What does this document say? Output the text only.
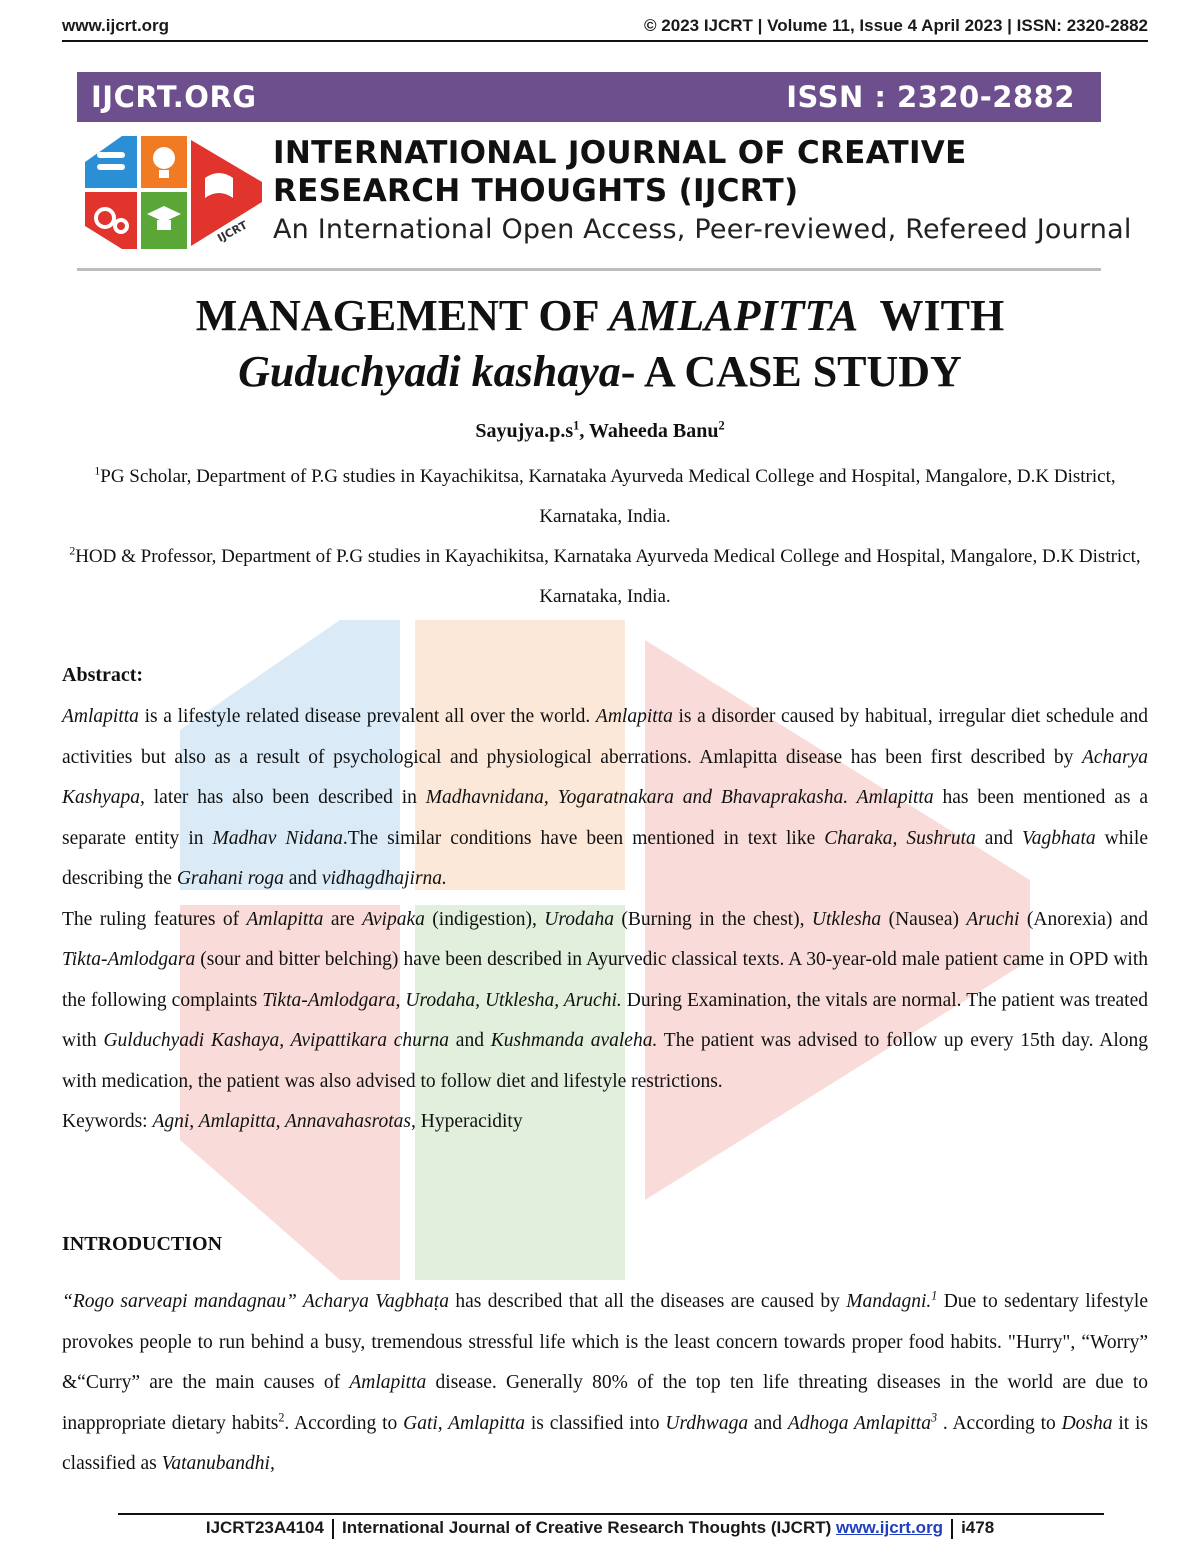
www.ijcrt.org	© 2023 IJCRT | Volume 11, Issue 4 April 2023 | ISSN: 2320-2882
IJCRT.ORG	ISSN : 2320-2882
IJCRT
INTERNATIONAL JOURNAL OF CREATIVE
RESEARCH THOUGHTS (IJCRT)
An International Open Access, Peer-reviewed, Refereed Journal
MANAGEMENT OF AMLAPITTA  WITH
Guduchyadi kashaya- A CASE STUDY
$Sayujya.p.s^1$, Waheeda Banu$^2$
$^1$PG Scholar, Department of P.G studies in Kayachikitsa, Karnataka Ayurveda Medical College and Hospital, Mangalore, D.K District, Karnataka, India.
$^2$HOD & Professor, Department of P.G studies in Kayachikitsa, Karnataka Ayurveda Medical College and Hospital, Mangalore, D.K District, Karnataka, India.
Abstract:

Amlapitta is a lifestyle related disease prevalent all over the world. Amlapitta is a disorder caused by habitual, irregular diet schedule and activities but also as a result of psychological and physiological aberrations. Amlapitta disease has been first described by Acharya Kashyapa, later has also been described in Madhavnidana, Yogaratnakara and Bhavaprakasha. Amlapitta has been mentioned as a separate entity in Madhav Nidana.The similar conditions have been mentioned in text like Charaka, Sushruta and Vagbhata while describing the Grahani roga and vidhagdhajirna.

The ruling features of Amlapitta are Avipaka (indigestion), Urodaha (Burning in the chest), Utklesha (Nausea) Aruchi (Anorexia) and Tikta-Amlodgara (sour and bitter belching) have been described in Ayurvedic classical texts. A 30-year-old male patient came in OPD with the following complaints Tikta-Amlodgara, Urodaha, Utklesha, Aruchi. During Examination, the vitals are normal. The patient was treated with Gulduchyadi Kashaya, Avipattikara churna and Kushmanda avaleha. The patient was advised to follow up every 15th day. Along with medication, the patient was also advised to follow diet and lifestyle restrictions.

Keywords: Agni, Amlapitta, Annavahasrotas, Hyperacidity

INTRODUCTION

“Rogo sarveapi mandagnau” Acharya Vagbhaṭa has described that all the diseases are caused by Mandagni.$^1$ Due to sedentary lifestyle provokes people to run behind a busy, tremendous stressful life which is the least concern towards proper food habits. "Hurry", “Worry” &“Curry” are the main causes of Amlapitta disease. Generally 80% of the top ten life threating diseases in the world are due to inappropriate dietary habits$^2$. According to Gati, Amlapitta is classified into Urdhwaga and Adhoga Amlapitta$^3$ . According to Dosha it is classified as Vatanubandhi,

IJCRT23A4104 International Journal of Creative Research Thoughts (IJCRT) www.ijcrt.org i478
